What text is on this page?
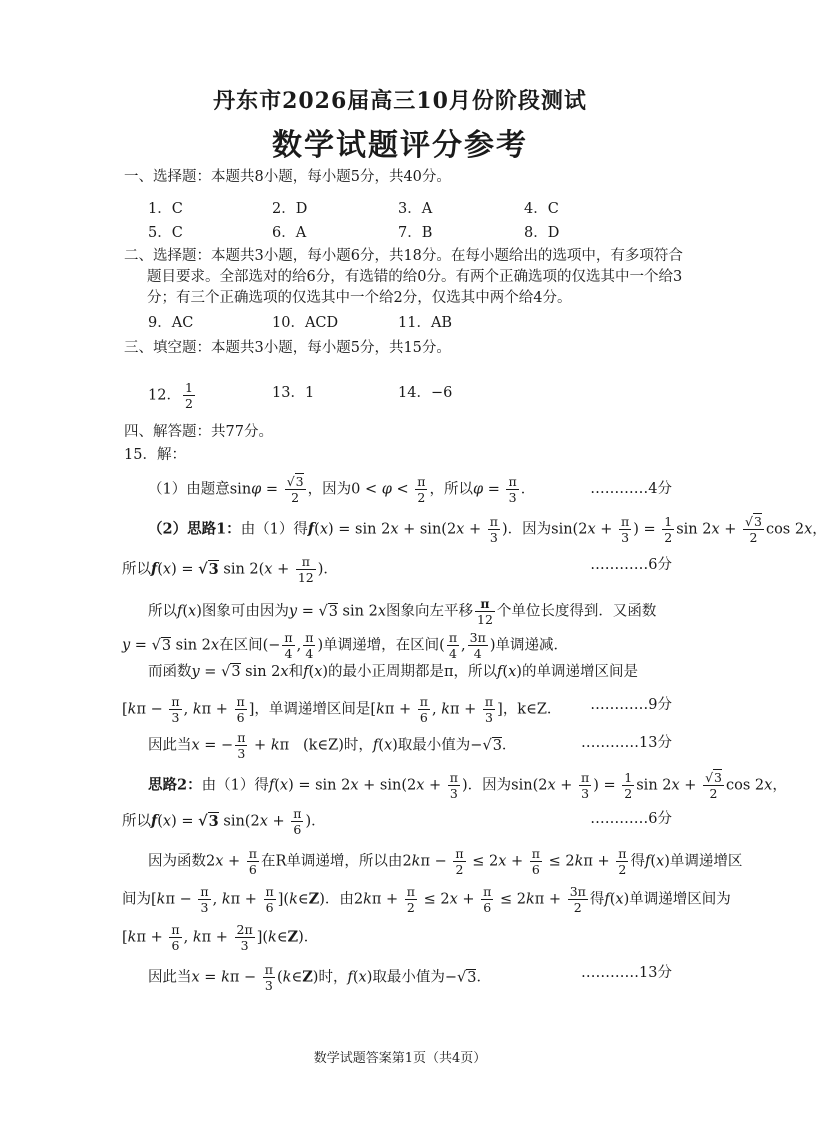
丹东市2026届高三10月份阶段测试
数学试题评分参考
一、选择题：本题共8小题，每小题5分，共40分。
1．C	2．D	3．A	4．C
5．C	6．A	7．B	8．D
二、选择题：本题共3小题，每小题6分，共18分。在每小题给出的选项中，有多项符合
题目要求。全部选对的给6分，有选错的给0分。有两个正确选项的仅选其中一个给3
分；有三个正确选项的仅选其中一个给2分，仅选其中两个给4分。
9．AC	10．ACD	11．AB
三、填空题：本题共3小题，每小题5分，共15分。
12． $\frac{1}{2}$	13．1	14．−6
四、解答题：共77分。
15．解：
（1）由题意$\sin\varphi = \frac{√3}{2}$ ，因为$0 < \varphi < \frac{\pi}{2}$ ，所以$\varphi = \frac{\pi}{3}$ ．	…………4分
（2）思路1：由（1）得$f(x) = \sin 2x + \sin(2x + \frac{\pi}{3}$ )．因为$\sin(2x + \frac{\pi}{3}$ ) = $\frac{1}{2}$ $\sin 2x + \frac{√3}{2}$ cos 2x，
所以f(x) = √3 $\sin 2(x + \frac{\pi}{12}$ )．	…………6分
所以f(x)图象可由因为y = √3 sin 2x图象向左平移 $\frac{\pi}{12}$ 个单位长度得到．又函数
y = √3 sin 2x在区间(− $\frac{\pi}{4}$ , $\frac{\pi}{4}$ )单调递增，在区间( $\frac{\pi}{4}$ , $\frac{3\pi}{4}$ )单调递减．
而函数y = √3 sin 2x和f(x)的最小正周期都是π，所以f(x)的单调递增区间是
[$k\pi - \frac{\pi}{3}$ , $k\pi + \frac{\pi}{6}$ ]，单调递增区间是[$k\pi + \frac{\pi}{6}$ , $k\pi + \frac{\pi}{3}$ ]，k∈Z． …………9分
因此当x = − $\frac{\pi}{3} + k\pi$   (k∈Z)时，f(x)取最小值为−√3．	…………13分
思路2：由（1）得$f(x) = \sin 2x + \sin(2x + \frac{\pi}{3}$ )．因为$\sin(2x + \frac{\pi}{3}$ ) = $\frac{1}{2}$ $\sin 2x + \frac{√3}{2}$ cos 2x，
所以f(x) = √3 $\sin(2x + \frac{\pi}{6}$ )．	…………6分
因为函数$2x + \frac{\pi}{6}$ 在R单调递增，所以由$2k\pi - \frac{\pi}{2} \le 2x + \frac{\pi}{6} \le 2k\pi + \frac{\pi}{2}$ 得f(x)单调递增区
间为[$k\pi - \frac{\pi}{3}$ , $k\pi + \frac{\pi}{6}$ ](k∈Z)．由$2k\pi + \frac{\pi}{2} \le 2x + \frac{\pi}{6} \le 2k\pi + \frac{3\pi}{2}$ 得f(x)单调递增区间为
[$k\pi + \frac{\pi}{6}$ , $k\pi + \frac{2\pi}{3}$ ](k∈Z)．
因此当$x = k\pi - \frac{\pi}{3}$ (k∈Z)时，f(x)取最小值为−√3．	…………13分
数学试题答案第1页（共4页）
